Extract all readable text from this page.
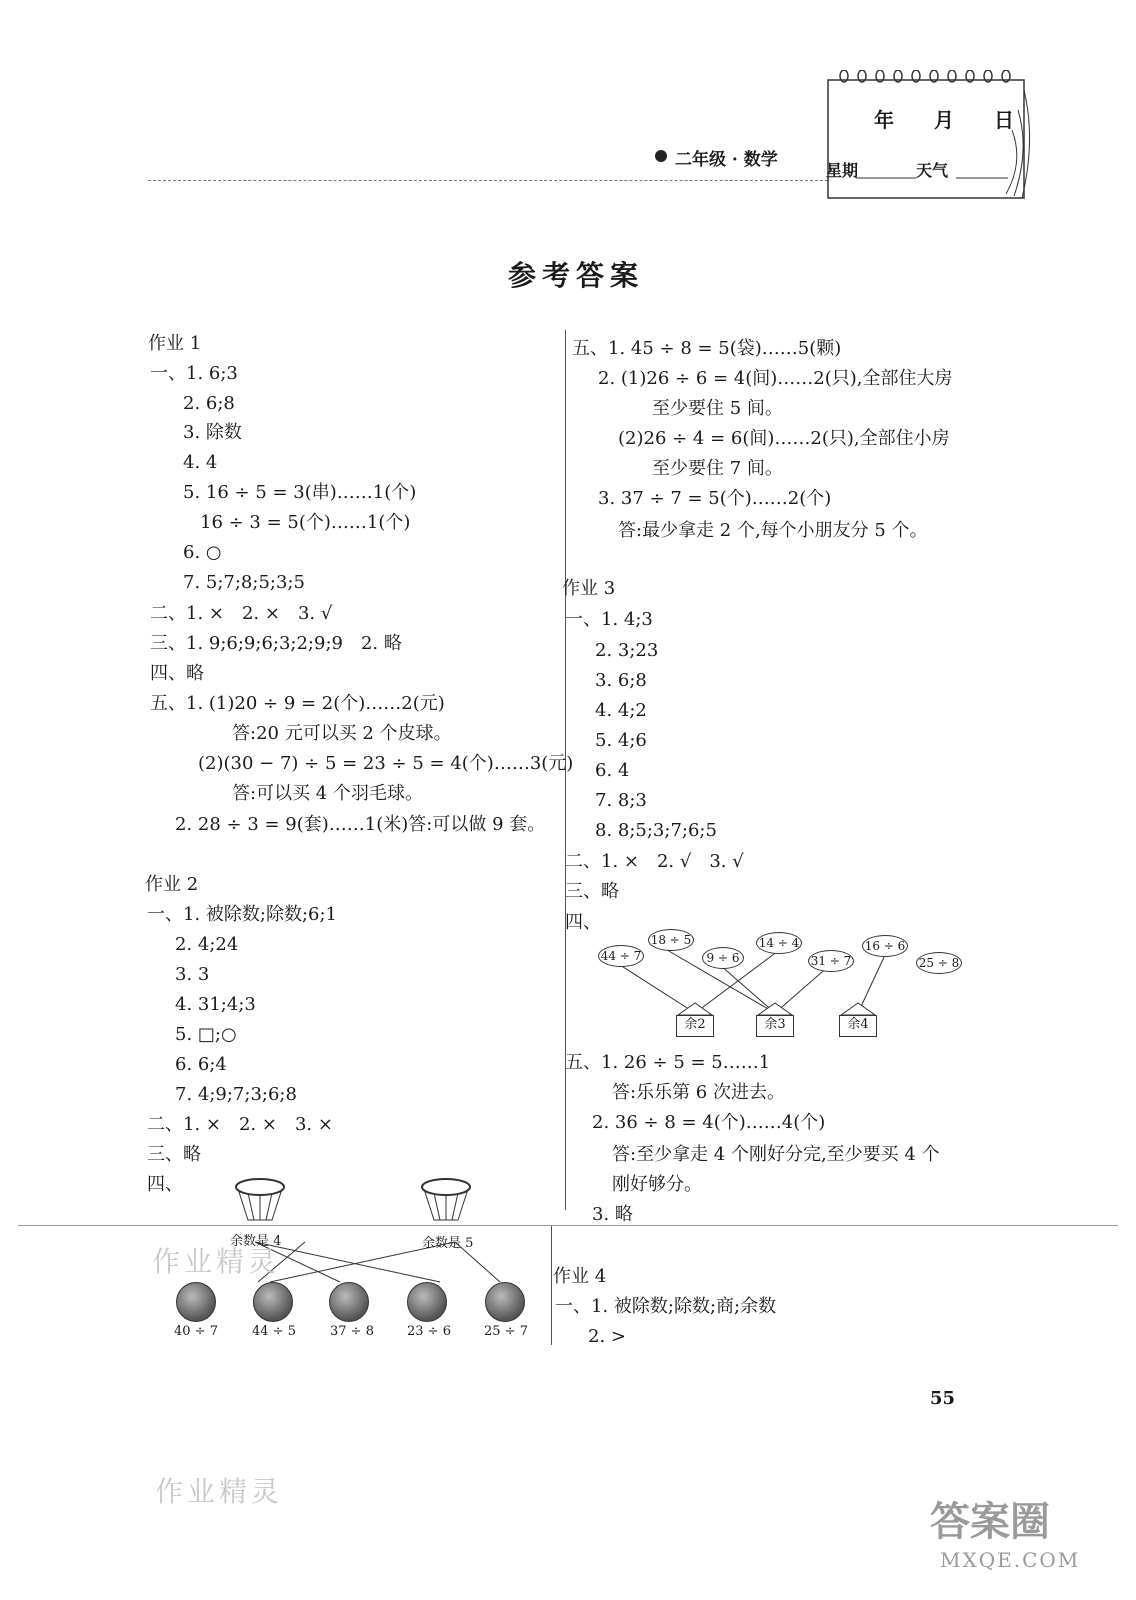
二年级 · 数学
年　月　日
星期	天气
参考答案
作业 1
一、1. 6;3
2. 6;8
3. 除数
4. 4
5. 16 ÷ 5 = 3(串)……1(个)
16 ÷ 3 = 5(个)……1(个)
6. ○
7. 5;7;8;5;3;5
二、1. ×　2. ×　3. √
三、1. 9;6;9;6;3;2;9;9　2. 略
四、略
五、1. (1)20 ÷ 9 = 2(个)……2(元)
答:20 元可以买 2 个皮球。
(2)(30 − 7) ÷ 5 = 23 ÷ 5 = 4(个)……3(元)
答:可以买 4 个羽毛球。
2. 28 ÷ 3 = 9(套)……1(米)答:可以做 9 套。
作业 2
一、1. 被除数;除数;6;1
2. 4;24
3. 3
4. 31;4;3
5. □;○
6. 6;4
7. 4;9;7;3;6;8
二、1. ×　2. ×　3. ×
三、略
四、
余数是 4	余数是 5
40 ÷ 7	44 ÷ 5	37 ÷ 8	23 ÷ 6	25 ÷ 7
五、1. 45 ÷ 8 = 5(袋)……5(颗)
2. (1)26 ÷ 6 = 4(间)……2(只),全部住大房
至少要住 5 间。
(2)26 ÷ 4 = 6(间)……2(只),全部住小房
至少要住 7 间。
3. 37 ÷ 7 = 5(个)……2(个)
答:最少拿走 2 个,每个小朋友分 5 个。
作业 3
一、1. 4;3
2. 3;23
3. 6;8
4. 4;2
5. 4;6
6. 4
7. 8;3
8. 8;5;3;7;6;5
二、1. ×　2. √　3. √
三、略
四、
44 ÷ 7
18 ÷ 5
9 ÷ 6
14 ÷ 4
31 ÷ 7
16 ÷ 6
25 ÷ 8
余2	余3	余4
五、1. 26 ÷ 5 = 5……1
答:乐乐第 6 次进去。
2. 36 ÷ 8 = 4(个)……4(个)
答:至少拿走 4 个刚好分完,至少要买 4 个
刚好够分。
3. 略
作业 4
一、1. 被除数;除数;商;余数
2. >
55
作业精灵
作业精灵
答案圈
MXQE.COM
